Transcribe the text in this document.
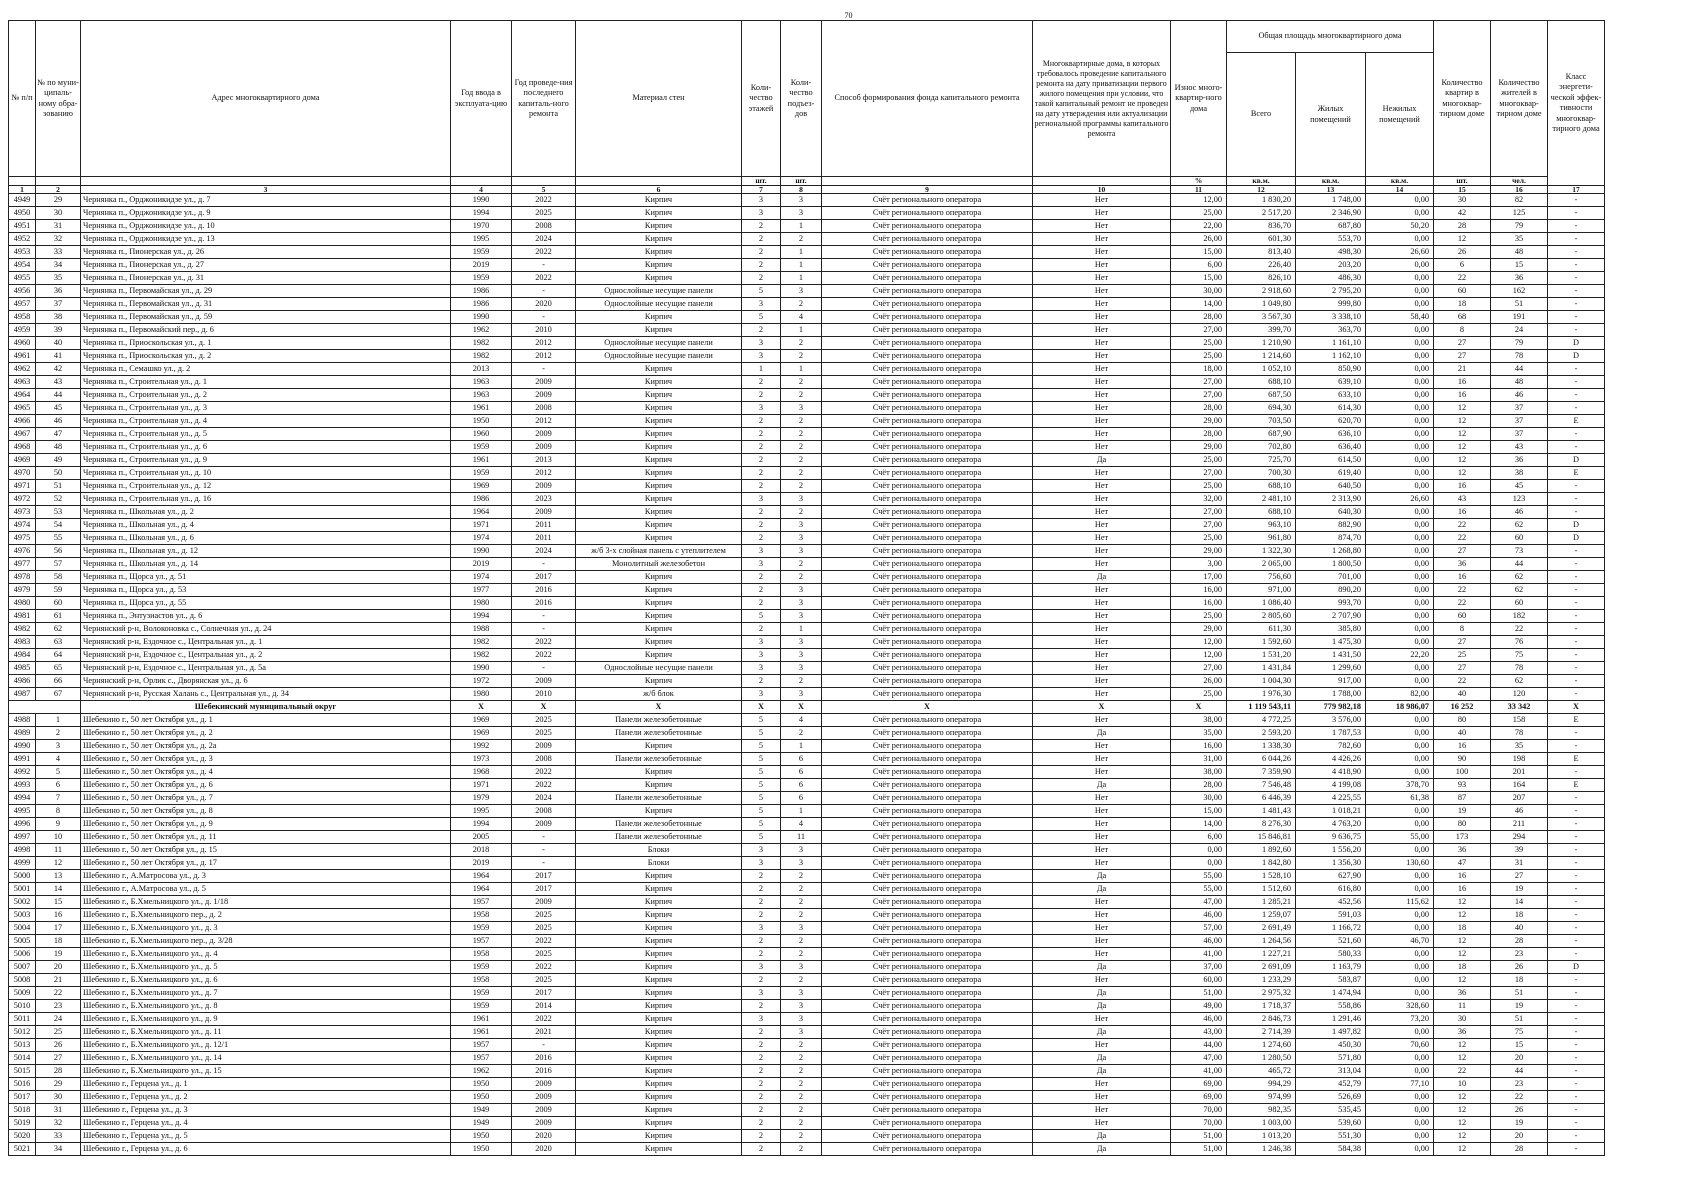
70
№ п/п	№ по муни-ципаль-ному обра-зованию	Адрес многоквартирного дома	Год ввода в эксплуата-цию	Год проведе-ния последнего капиталь-ного ремонта	Материал стен	Коли-чество этажей	Коли-чество подъез-дов	Способ формирования фонда капитального ремонта	Многоквартирные дома, в которых требовалось проведение капитального ремонта на дату приватизации первого жилого помещения при условии, что такой капитальный ремонт не проведен на дату утверждения или актуализации региональной программы капитального ремонта	Износ много-квартир-ного дома	Общая площадь многоквартирного дома			Количество квартир в многоквар-тирном доме	Количество жителей в многоквар-тирном доме	Класс энергети-ческой эффек-тивности многоквар-тирного дома
											Всего	Жилых помещений	Нежилых помещений			
						шт.	шт.			%	кв.м.	кв.м.	кв.м.	шт.	чел.	
1	2	3	4	5	6	7	8	9	10	11	12	13	14	15	16	17
4949	29	Чернянка п., Орджоникидзе ул., д. 7	1990	2022	Кирпич	3	3	Счёт регионального оператора	Нет	12,00	1 830,20	1 748,00	0,00	30	82	-
4950	30	Чернянка п., Орджоникидзе ул., д. 9	1994	2025	Кирпич	3	3	Счёт регионального оператора	Нет	25,00	2 517,20	2 346,90	0,00	42	125	-
4951	31	Чернянка п., Орджоникидзе ул., д. 10	1970	2008	Кирпич	2	1	Счёт регионального оператора	Нет	22,00	836,70	687,80	50,20	28	79	-
4952	32	Чернянка п., Орджоникидзе ул., д. 13	1995	2024	Кирпич	2	2	Счёт регионального оператора	Нет	26,00	601,30	553,70	0,00	12	35	-
4953	33	Чернянка п., Пионерская ул., д. 26	1959	2022	Кирпич	2	1	Счёт регионального оператора	Нет	15,00	813,40	498,30	26,60	26	48	-
4954	34	Чернянка п., Пионерская ул., д. 27	2019	-	Кирпич	2	1	Счёт регионального оператора	Нет	6,00	226,40	203,20	0,00	6	15	-
4955	35	Чернянка п., Пионерская ул., д. 31	1959	2022	Кирпич	2	1	Счёт регионального оператора	Нет	15,00	826,10	486,30	0,00	22	36	-
4956	36	Чернянка п., Первомайская ул., д. 29	1986	-	Однослойные несущие панели	5	3	Счёт регионального оператора	Нет	30,00	2 918,60	2 795,20	0,00	60	162	-
4957	37	Чернянка п., Первомайская ул., д. 31	1986	2020	Однослойные несущие панели	3	2	Счёт регионального оператора	Нет	14,00	1 049,80	999,80	0,00	18	51	-
4958	38	Чернянка п., Первомайская ул., д. 59	1990	-	Кирпич	5	4	Счёт регионального оператора	Нет	28,00	3 567,30	3 338,10	58,40	68	191	-
4959	39	Чернянка п., Первомайский пер., д. 6	1962	2010	Кирпич	2	1	Счёт регионального оператора	Нет	27,00	399,70	363,70	0,00	8	24	-
4960	40	Чернянка п., Приоскольская ул., д. 1	1982	2012	Однослойные несущие панели	3	2	Счёт регионального оператора	Нет	25,00	1 210,90	1 161,10	0,00	27	79	D
4961	41	Чернянка п., Приоскольская ул., д. 2	1982	2012	Однослойные несущие панели	3	2	Счёт регионального оператора	Нет	25,00	1 214,60	1 162,10	0,00	27	78	D
4962	42	Чернянка п., Семашко ул., д. 2	2013	-	Кирпич	1	1	Счёт регионального оператора	Нет	18,00	1 052,10	850,90	0,00	21	44	-
4963	43	Чернянка п., Строительная ул., д. 1	1963	2009	Кирпич	2	2	Счёт регионального оператора	Нет	27,00	688,10	639,10	0,00	16	48	-
4964	44	Чернянка п., Строительная ул., д. 2	1963	2009	Кирпич	2	2	Счёт регионального оператора	Нет	27,00	687,50	633,10	0,00	16	46	-
4965	45	Чернянка п., Строительная ул., д. 3	1961	2008	Кирпич	3	3	Счёт регионального оператора	Нет	28,00	694,30	614,30	0,00	12	37	-
4966	46	Чернянка п., Строительная ул., д. 4	1950	2012	Кирпич	2	2	Счёт регионального оператора	Нет	29,00	703,50	620,70	0,00	12	37	E
4967	47	Чернянка п., Строительная ул., д. 5	1960	2009	Кирпич	2	2	Счёт регионального оператора	Нет	28,00	687,90	636,10	0,00	12	37	-
4968	48	Чернянка п., Строительная ул., д. 6	1959	2009	Кирпич	2	2	Счёт регионального оператора	Нет	29,00	702,80	636,40	0,00	12	43	-
4969	49	Чернянка п., Строительная ул., д. 9	1961	2013	Кирпич	2	2	Счёт регионального оператора	Да	25,00	725,70	614,50	0,00	12	36	D
4970	50	Чернянка п., Строительная ул., д. 10	1959	2012	Кирпич	2	2	Счёт регионального оператора	Нет	27,00	700,30	619,40	0,00	12	38	E
4971	51	Чернянка п., Строительная ул., д. 12	1969	2009	Кирпич	2	2	Счёт регионального оператора	Нет	25,00	688,10	640,50	0,00	16	45	-
4972	52	Чернянка п., Строительная ул., д. 16	1986	2023	Кирпич	3	3	Счёт регионального оператора	Нет	32,00	2 481,10	2 313,90	26,60	43	123	-
4973	53	Чернянка п., Школьная ул., д. 2	1964	2009	Кирпич	2	2	Счёт регионального оператора	Нет	27,00	688,10	640,30	0,00	16	46	-
4974	54	Чернянка п., Школьная ул., д. 4	1971	2011	Кирпич	2	3	Счёт регионального оператора	Нет	27,00	963,10	882,90	0,00	22	62	D
4975	55	Чернянка п., Школьная ул., д. 6	1974	2011	Кирпич	2	3	Счёт регионального оператора	Нет	25,00	961,80	874,70	0,00	22	60	D
4976	56	Чернянка п., Школьная ул., д. 12	1990	2024	ж/б 3-х слойная панель с утеплителем	3	3	Счёт регионального оператора	Нет	29,00	1 322,30	1 268,80	0,00	27	73	-
4977	57	Чернянка п., Школьная ул., д. 14	2019	-	Монолитный железобетон	3	2	Счёт регионального оператора	Нет	3,00	2 065,00	1 800,50	0,00	36	44	-
4978	58	Чернянка п., Щорса ул., д. 51	1974	2017	Кирпич	2	2	Счёт регионального оператора	Да	17,00	756,60	701,00	0,00	16	62	-
4979	59	Чернянка п., Щорса ул., д. 53	1977	2016	Кирпич	2	3	Счёт регионального оператора	Нет	16,00	971,00	890,20	0,00	22	62	-
4980	60	Чернянка п., Щорса ул., д. 55	1980	2016	Кирпич	2	3	Счёт регионального оператора	Нет	16,00	1 086,40	993,70	0,00	22	60	-
4981	61	Чернянка п., Энтузиастов ул., д. 6	1994	-	Кирпич	5	3	Счёт регионального оператора	Нет	25,00	2 805,60	2 707,90	0,00	60	182	-
4982	62	Чернянский р-н, Волоконовка с., Солнечная ул., д. 24	1988	-	Кирпич	2	1	Счёт регионального оператора	Нет	29,00	611,30	385,80	0,00	8	22	-
4983	63	Чернянский р-н, Ездочное с., Центральная ул., д. 1	1982	2022	Кирпич	3	3	Счёт регионального оператора	Нет	12,00	1 592,60	1 475,30	0,00	27	76	-
4984	64	Чернянский р-н, Ездочное с., Центральная ул., д. 2	1982	2022	Кирпич	3	3	Счёт регионального оператора	Нет	12,00	1 531,20	1 431,50	22,20	25	75	-
4985	65	Чернянский р-н, Ездочное с., Центральная ул., д. 5а	1990	-	Однослойные несущие панели	3	3	Счёт регионального оператора	Нет	27,00	1 431,84	1 299,60	0,00	27	78	-
4986	66	Чернянский р-н, Орлик с., Дворянская ул., д. 6	1972	2009	Кирпич	2	2	Счёт регионального оператора	Нет	26,00	1 004,30	917,00	0,00	22	62	-
4987	67	Чернянский р-н, Русская Халань с., Центральная ул., д. 34	1980	2010	ж/б блок	3	3	Счёт регионального оператора	Нет	25,00	1 976,30	1 788,00	82,00	40	120	-
		Шебекинский муниципальный округ	X	X	X	X	X	X	X	X	1 119 543,11	779 982,18	18 986,07	16 252	33 342	X
4988	1	Шебекино г., 50 лет Октября ул., д. 1	1969	2025	Панели железобетонные	5	4	Счёт регионального оператора	Нет	38,00	4 772,25	3 576,00	0,00	80	158	E
4989	2	Шебекино г., 50 лет Октября ул., д. 2	1969	2025	Панели железобетонные	5	2	Счёт регионального оператора	Да	35,00	2 593,20	1 787,53	0,00	40	78	-
4990	3	Шебекино г., 50 лет Октября ул., д. 2а	1992	2009	Кирпич	5	1	Счёт регионального оператора	Нет	16,00	1 338,30	782,60	0,00	16	35	-
4991	4	Шебекино г., 50 лет Октября ул., д. 3	1973	2008	Панели железобетонные	5	6	Счёт регионального оператора	Нет	31,00	6 044,26	4 426,26	0,00	90	198	E
4992	5	Шебекино г., 50 лет Октября ул., д. 4	1968	2022	Кирпич	5	6	Счёт регионального оператора	Нет	38,00	7 359,90	4 418,90	0,00	100	201	-
4993	6	Шебекино г., 50 лет Октября ул., д. 6	1971	2022	Кирпич	5	6	Счёт регионального оператора	Да	28,00	7 546,48	4 199,08	378,70	93	164	E
4994	7	Шебекино г., 50 лет Октября ул., д. 7	1979	2024	Панели железобетонные	5	6	Счёт регионального оператора	Нет	30,00	6 446,39	4 225,55	61,38	87	207	-
4995	8	Шебекино г., 50 лет Октября ул., д. 8	1995	2008	Кирпич	5	1	Счёт регионального оператора	Нет	15,00	1 481,43	1 018,21	0,00	19	46	-
4996	9	Шебекино г., 50 лет Октября ул., д. 9	1994	2009	Панели железобетонные	5	4	Счёт регионального оператора	Нет	14,00	8 276,30	4 763,20	0,00	80	211	-
4997	10	Шебекино г., 50 лет Октября ул., д. 11	2005	-	Панели железобетонные	5	11	Счёт регионального оператора	Нет	6,00	15 846,81	9 636,75	55,00	173	294	-
4998	11	Шебекино г., 50 лет Октября ул., д. 15	2018	-	Блоки	3	3	Счёт регионального оператора	Нет	0,00	1 892,60	1 556,20	0,00	36	39	-
4999	12	Шебекино г., 50 лет Октября ул., д. 17	2019	-	Блоки	3	3	Счёт регионального оператора	Нет	0,00	1 842,80	1 356,30	130,60	47	31	-
5000	13	Шебекино г., А.Матросова ул., д. 3	1964	2017	Кирпич	2	2	Счёт регионального оператора	Да	55,00	1 528,10	627,90	0,00	16	27	-
5001	14	Шебекино г., А.Матросова ул., д. 5	1964	2017	Кирпич	2	2	Счёт регионального оператора	Да	55,00	1 512,60	616,80	0,00	16	19	-
5002	15	Шебекино г., Б.Хмельницкого ул., д. 1/18	1957	2009	Кирпич	2	2	Счёт регионального оператора	Нет	47,00	1 285,21	452,56	115,62	12	14	-
5003	16	Шебекино г., Б.Хмельницкого пер., д. 2	1958	2025	Кирпич	2	2	Счёт регионального оператора	Нет	46,00	1 259,07	591,03	0,00	12	18	-
5004	17	Шебекино г., Б.Хмельницкого ул., д. 3	1959	2025	Кирпич	3	3	Счёт регионального оператора	Нет	57,00	2 691,49	1 166,72	0,00	18	40	-
5005	18	Шебекино г., Б.Хмельницкого пер., д. 3/28	1957	2022	Кирпич	2	2	Счёт регионального оператора	Нет	46,00	1 264,56	521,60	46,70	12	28	-
5006	19	Шебекино г., Б.Хмельницкого ул., д. 4	1958	2025	Кирпич	2	2	Счёт регионального оператора	Нет	41,00	1 227,21	580,33	0,00	12	23	-
5007	20	Шебекино г., Б.Хмельницкого ул., д. 5	1959	2022	Кирпич	3	3	Счёт регионального оператора	Да	37,00	2 691,09	1 163,79	0,00	18	26	D
5008	21	Шебекино г., Б.Хмельницкого ул., д. 6	1958	2025	Кирпич	2	2	Счёт регионального оператора	Нет	60,00	1 233,29	583,87	0,00	12	18	-
5009	22	Шебекино г., Б.Хмельницкого ул., д. 7	1959	2017	Кирпич	3	3	Счёт регионального оператора	Да	51,00	2 975,32	1 474,94	0,00	36	51	-
5010	23	Шебекино г., Б.Хмельницкого ул., д. 8	1959	2014	Кирпич	2	3	Счёт регионального оператора	Да	49,00	1 718,37	558,86	328,60	11	19	-
5011	24	Шебекино г., Б.Хмельницкого ул., д. 9	1961	2022	Кирпич	3	3	Счёт регионального оператора	Нет	46,00	2 846,73	1 291,46	73,20	30	51	-
5012	25	Шебекино г., Б.Хмельницкого ул., д. 11	1961	2021	Кирпич	2	3	Счёт регионального оператора	Да	43,00	2 714,39	1 497,82	0,00	36	75	-
5013	26	Шебекино г., Б.Хмельницкого ул., д. 12/1	1957	-	Кирпич	2	2	Счёт регионального оператора	Нет	44,00	1 274,60	450,30	70,60	12	15	-
5014	27	Шебекино г., Б.Хмельницкого ул., д. 14	1957	2016	Кирпич	2	2	Счёт регионального оператора	Да	47,00	1 280,50	571,80	0,00	12	20	-
5015	28	Шебекино г., Б.Хмельницкого ул., д. 15	1962	2016	Кирпич	2	2	Счёт регионального оператора	Да	41,00	465,72	313,04	0,00	22	44	-
5016	29	Шебекино г., Герцена ул., д. 1	1950	2009	Кирпич	2	2	Счёт регионального оператора	Нет	69,00	994,29	452,79	77,10	10	23	-
5017	30	Шебекино г., Герцена ул., д. 2	1950	2009	Кирпич	2	2	Счёт регионального оператора	Нет	69,00	974,99	526,69	0,00	12	22	-
5018	31	Шебекино г., Герцена ул., д. 3	1949	2009	Кирпич	2	2	Счёт регионального оператора	Нет	70,00	982,35	535,45	0,00	12	26	-
5019	32	Шебекино г., Герцена ул., д. 4	1949	2009	Кирпич	2	2	Счёт регионального оператора	Нет	70,00	1 003,00	539,60	0,00	12	19	-
5020	33	Шебекино г., Герцена ул., д. 5	1950	2020	Кирпич	2	2	Счёт регионального оператора	Да	51,00	1 013,20	551,30	0,00	12	20	-
5021	34	Шебекино г., Герцена ул., д. 6	1950	2020	Кирпич	2	2	Счёт регионального оператора	Да	51,00	1 246,38	584,38	0,00	12	28	-
